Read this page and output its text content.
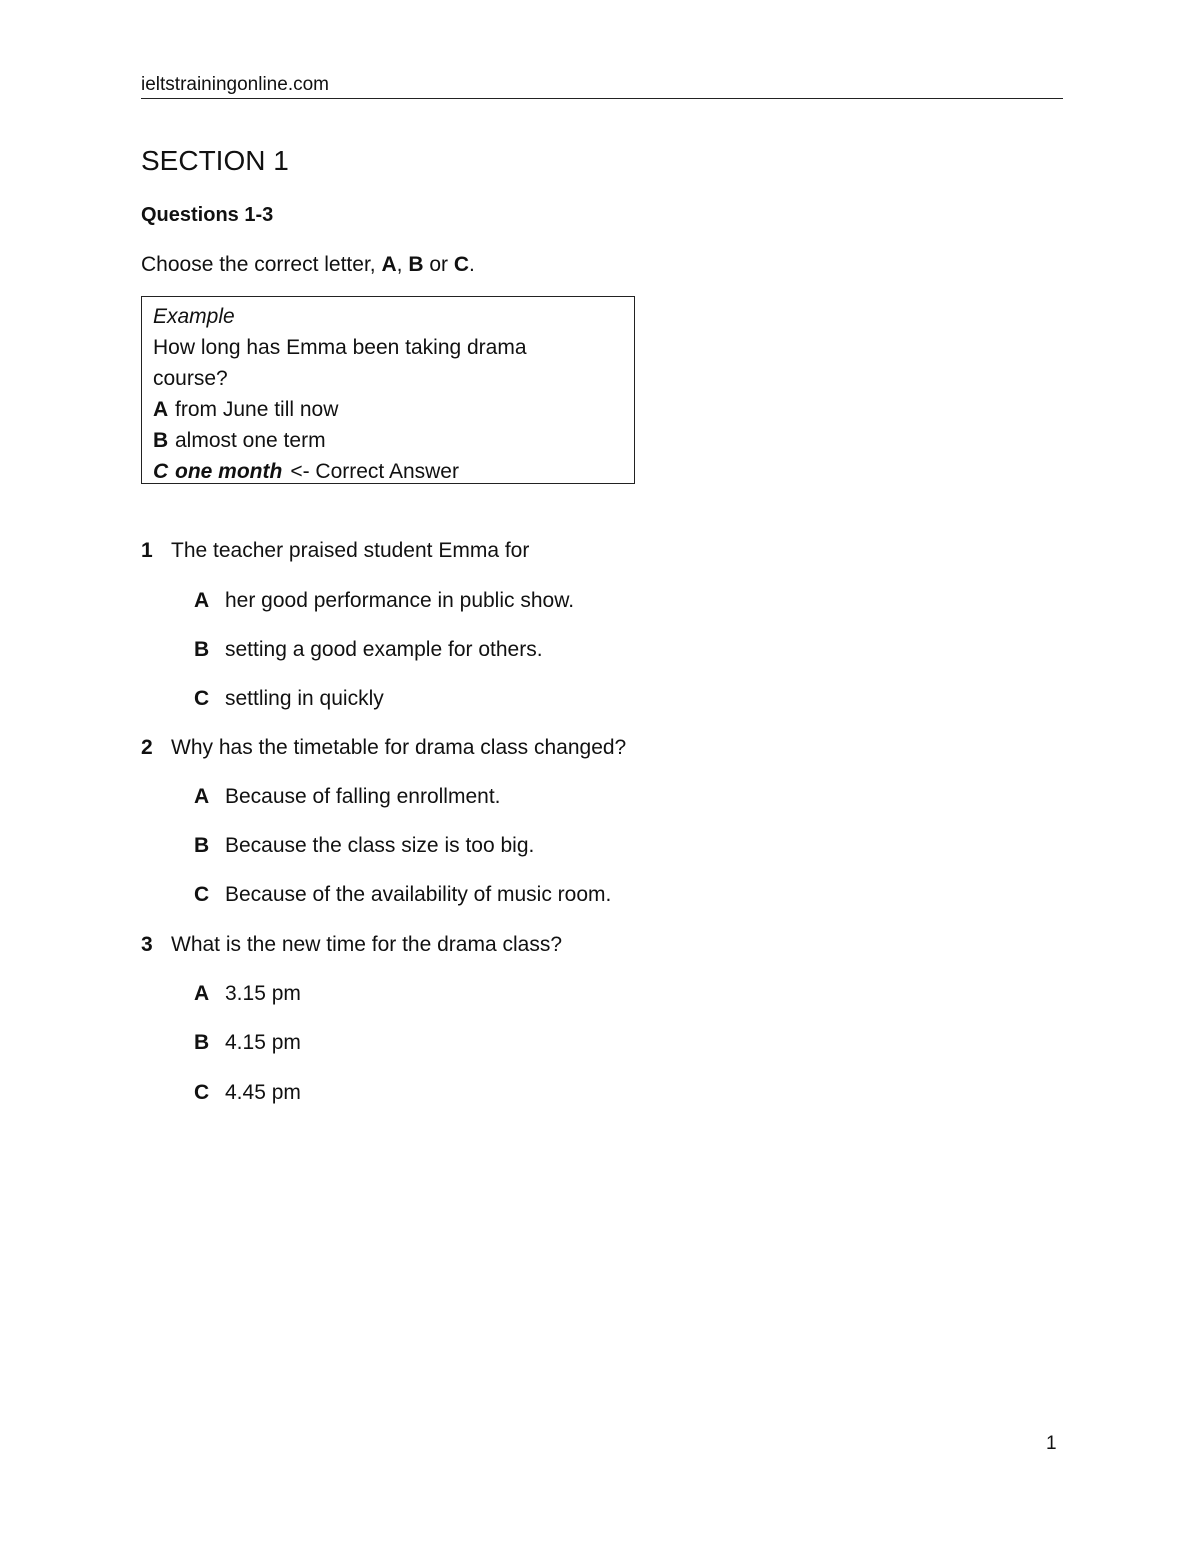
ieltstrainingonline.com
SECTION 1
Questions 1-3
Choose the correct letter, A, B or C.
Example
How long has Emma been taking drama
course?
A from June till now
B almost one term
C one month <- Correct Answer
1 The teacher praised student Emma for
A her good performance in public show.
B setting a good example for others.
C settling in quickly
2 Why has the timetable for drama class changed?
A Because of falling enrollment.
B Because the class size is too big.
C Because of the availability of music room.
3 What is the new time for the drama class?
A 3.15 pm
B 4.15 pm
C 4.45 pm
1
